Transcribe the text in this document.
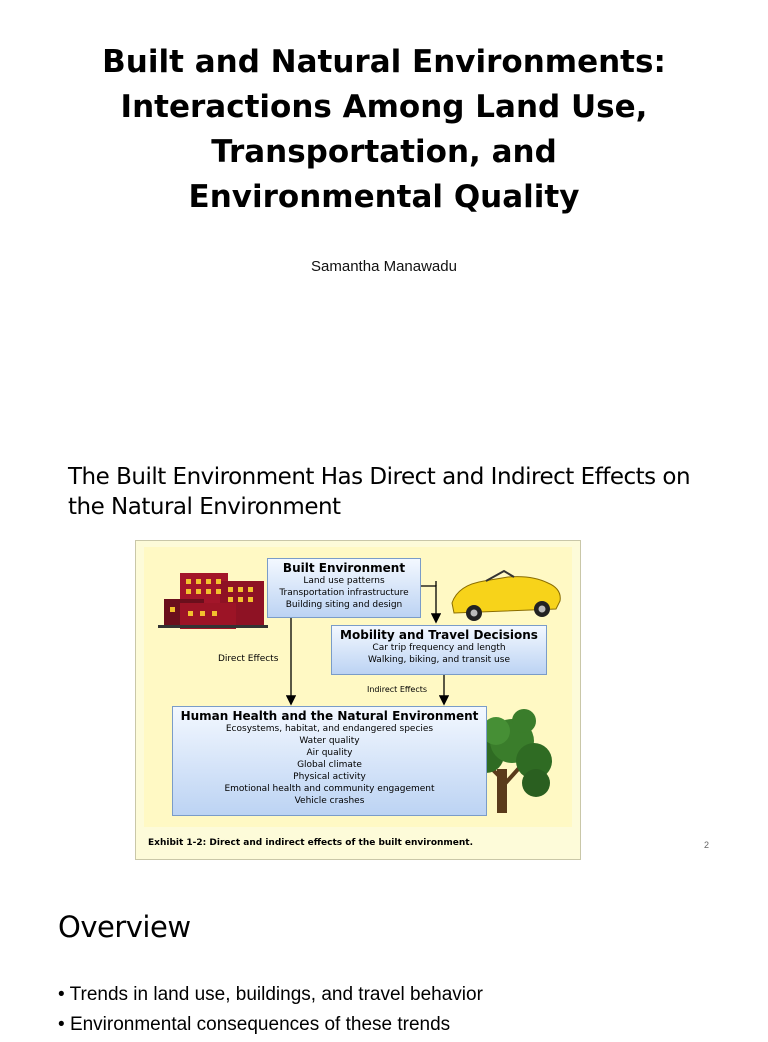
Built and Natural Environments:
Interactions Among Land Use,
Transportation, and
Environmental Quality
Samantha Manawadu
The Built Environment Has Direct and Indirect Effects on
the Natural Environment
Built Environment
Land use patterns
Transportation infrastructure
Building siting and design
Mobility and Travel Decisions
Car trip frequency and length
Walking, biking, and transit use
Direct Effects
Indirect Effects
Human Health and the Natural Environment
Ecosystems, habitat, and endangered species
Water quality
Air quality
Global climate
Physical activity
Emotional health and community engagement
Vehicle crashes
Exhibit 1-2: Direct and indirect effects of the built environment.	2
Overview
• Trends in land use, buildings, and travel behavior
• Environmental consequences of these trends
